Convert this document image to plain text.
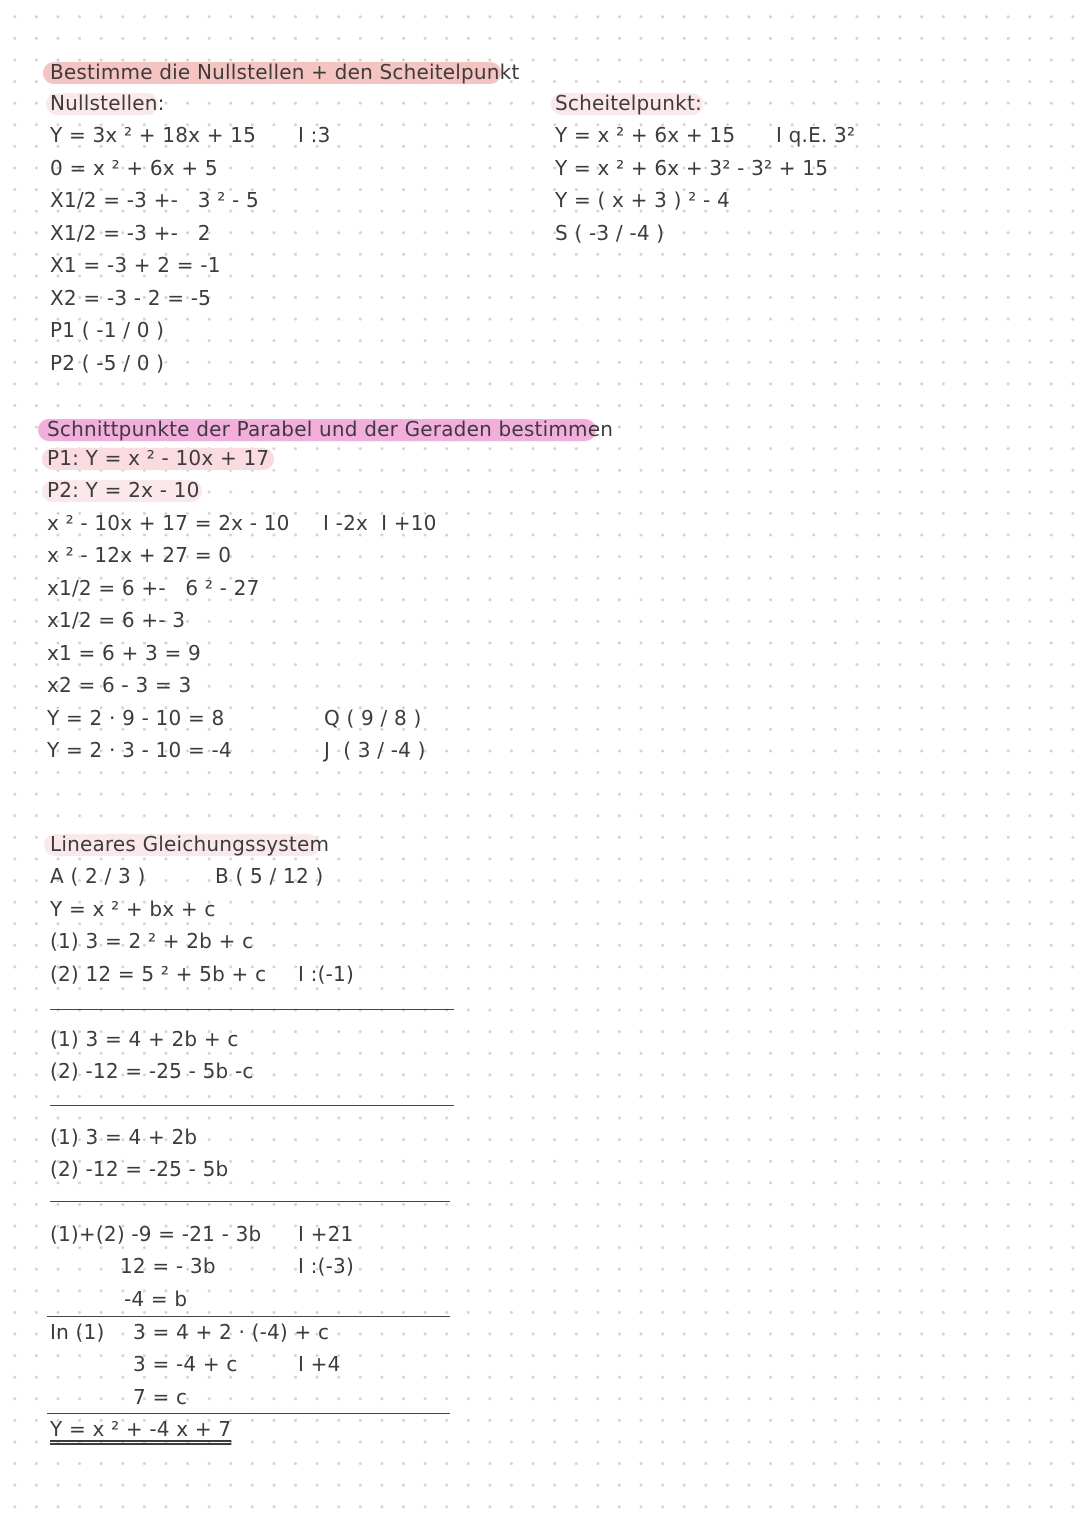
Bestimme die Nullstellen + den Scheitelpunkt
Nullstellen:
Y = 3x ² + 18x + 15 I :3
0 = x ² + 6x + 5
X1/2 = -3 +-   3 ² - 5
X1/2 = -3 +-   2
X1 = -3 + 2 = -1
X2 = -3 - 2 = -5
P1 ( -1 / 0 )
P2 ( -5 / 0 )
Scheitelpunkt:
Y = x ² + 6x + 15 I q.E. 3²
Y = x ² + 6x + 3² - 3² + 15
Y = ( x + 3 ) ² - 4
S ( -3 / -4 )
Schnittpunkte der Parabel und der Geraden bestimmen
P1: Y = x ² - 10x + 17
P2: Y = 2x - 10
x ² - 10x + 17 = 2x - 10 I -2x  I +10
x ² - 12x + 27 = 0
x1/2 = 6 +-   6 ² - 27
x1/2 = 6 +- 3
x1 = 6 + 3 = 9
x2 = 6 - 3 = 3
Y = 2 · 9 - 10 = 8	Q ( 9 / 8 )
Y = 2 · 3 - 10 = -4	J  ( 3 / -4 )
Lineares Gleichungssystem
A ( 2 / 3 )	B ( 5 / 12 )
Y = x ² + bx + c
(1) 3 = 2 ² + 2b + c
(2) 12 = 5 ² + 5b + c I :(-1)
(1) 3 = 4 + 2b + c
(2) -12 = -25 - 5b -c
(1) 3 = 4 + 2b
(2) -12 = -25 - 5b
(1)+(2) -9 = -21 - 3b I +21
12 = - 3b	I :(-3)
-4 = b
In (1) 3 = 4 + 2 · (-4) + c
3 = -4 + c	I +4
7 = c
Y = x ² + -4 x + 7
